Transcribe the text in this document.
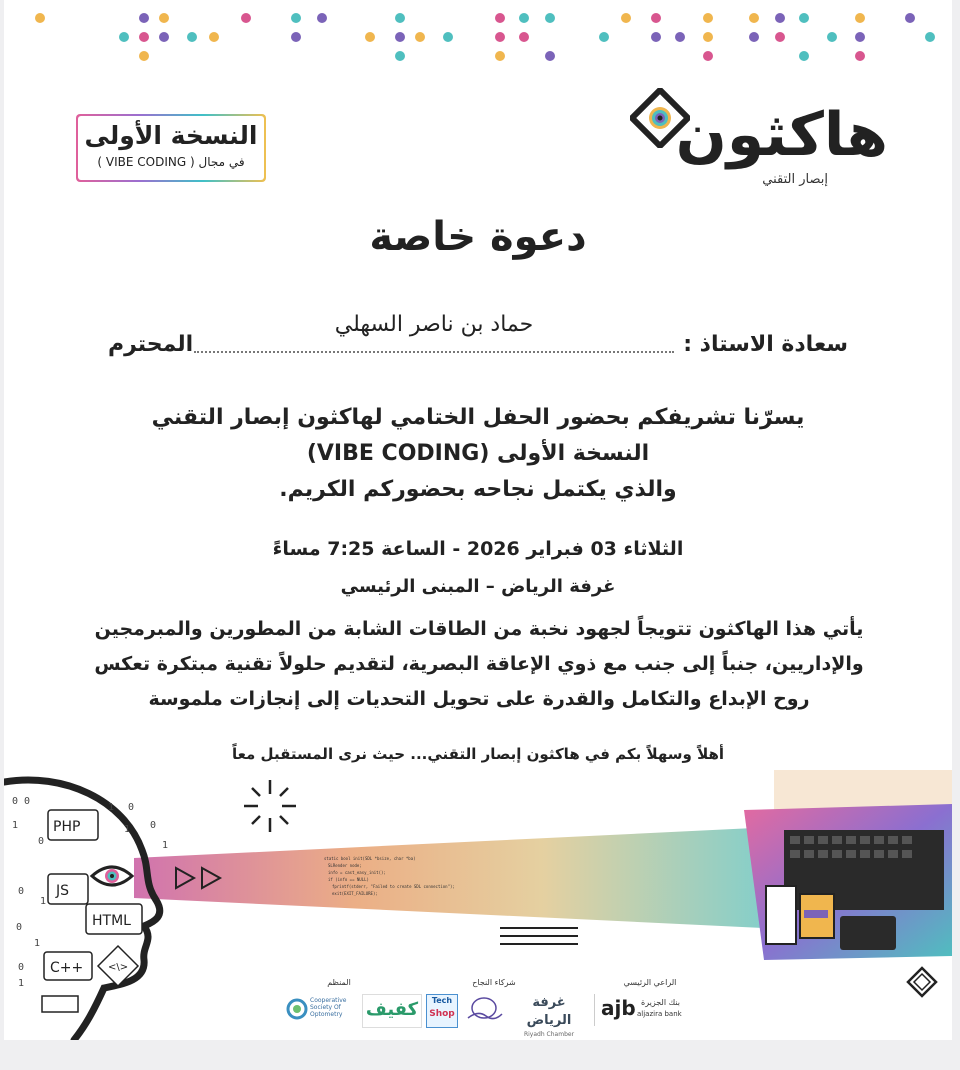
النسخة الأولى
في مجال ( VIBE CODING )	هاكثون
إبصار التقني
دعوة خاصة
سعادة الاستاذ :
حماد بن ناصر السهلي
المحترم
يسرّنا تشريفكم بحضور الحفل الختامي لهاكثون إبصار التقني
النسخة الأولى (VIBE CODING)
والذي يكتمل نجاحه بحضوركم الكريم.
الثلاثاء 03 فبراير 2026 - الساعة 7:25 مساءً
غرفة الرياض – المبنى الرئيسي
يأتي هذا الهاكثون تتويجاً لجهود نخبة من الطاقات الشابة من المطورين والمبرمجين
والإداريين، جنباً إلى جنب مع ذوي الإعاقة البصرية، لتقديم حلولاً تقنية مبتكرة تعكس
روح الإبداع والتكامل والقدرة على تحويل التحديات إلى إنجازات ملموسة
أهلاً وسهلاً بكم في هاكثون إبصار التقني... حيث نرى المستقبل معاً
static bool init(SDL *bsize, char *ba)
SLRender node;
info = cast_easy_init();
if (info == NULL)
fprintf(stderr, "Failed to create SDL connection");
exit(EXIT_FAILURE);
0 0
1
0
0
0
1
1
0
1
1 0
1 0
1
PHP
JS
HTML
C++ <\>
المنظم	شركاء النجاح	الراعي الرئيسي
Cooperative Society Of Optometry	كفيف	Tech
Shop
غرفة الرياض
Riyadh Chamber
ajb بنك الجزيرة
aljazira bank
